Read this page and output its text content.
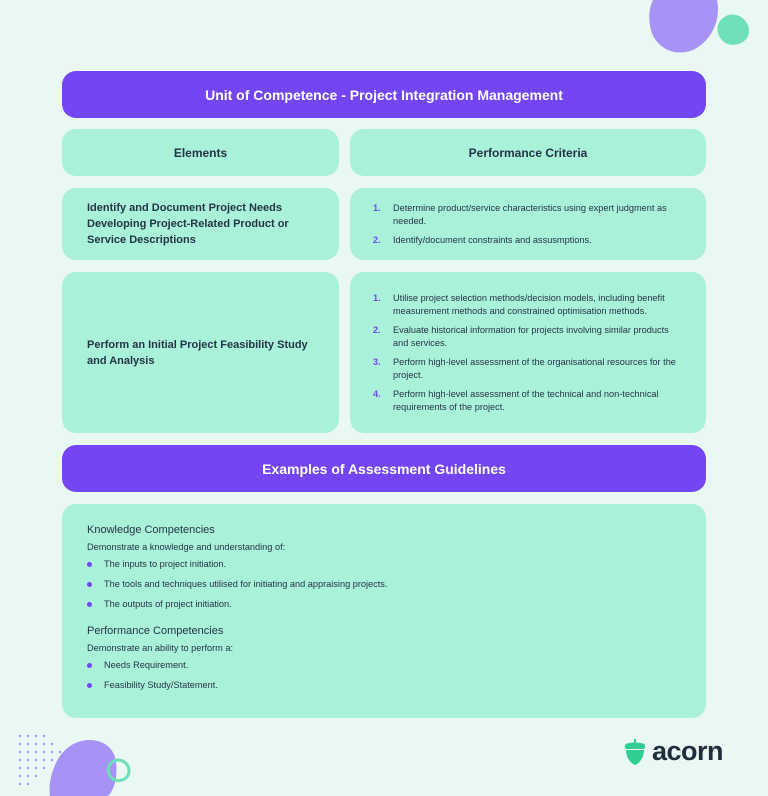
Unit of Competence - Project Integration Management
Elements	Performance Criteria
Identify and Document Project Needs Developing Project-Related Product or Service Descriptions
1.	Determine product/service characteristics using expert judgment as needed.
2.	Identify/document constraints and assusmptions.
Perform an Initial Project Feasibility Study and Analysis
1.	Utilise project selection methods/decision models, including benefit measurement methods and constrained optimisation methods.
2.	Evaluate historical information for projects involving similar products and services.
3.	Perform high-level assessment of the organisational resources for the project.
4.	Perform high-level assessment of the technical and non-technical requirements of the project.
Examples of Assessment Guidelines
Knowledge Competencies

Demonstrate a knowledge and understanding of:

The inputs to project initiation.
The tools and techniques utilised for initiating and appraising projects.
The outputs of project initiation.
Performance Competencies

Demonstrate an ability to perform a:

Needs Requirement.
Feasibility Study/Statement.
acorn
